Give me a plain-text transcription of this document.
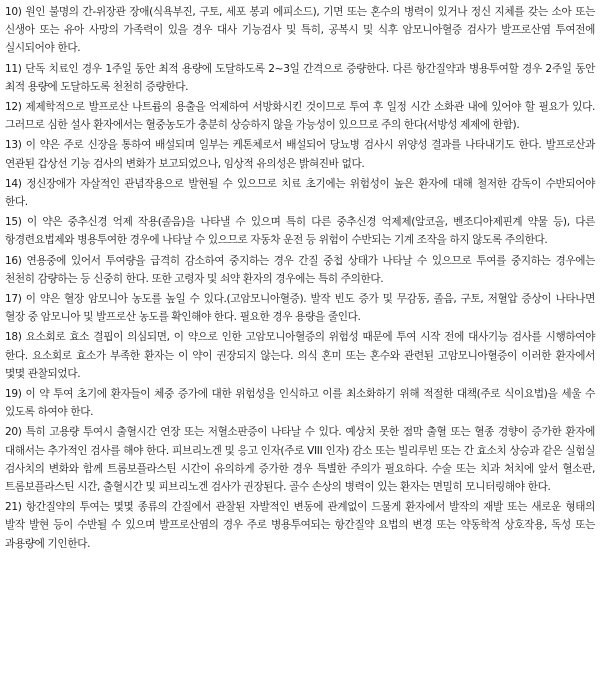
10) 원인 불명의 간-위장관 장애(식욕부진, 구토, 세포 봉괴 에피소드), 기면 또는 혼수의 병력이 있거나 정신 지체를 갖는 소아 또는 신생아 또는 유아 사망의 가족력이 있을 경우 대사 기능검사 및 특히, 공복시 및 식후 암모니아혈증 검사가 발프로산염 투여전에 실시되어야 한다.

11) 단독 치료인 경우 1주일 동안 최적 용량에 도달하도록 2~3일 간격으로 증량한다. 다른 항간질약과 병용투여할 경우 2주일 동안 최적 용량에 도달하도록 천천히 증량한다.

12) 제제학적으로 발프로산 나트륨의 용출을 억제하여 서방화시킨 것이므로 투여 후 일정 시간 소화관 내에 있어야 할 필요가 있다. 그러므로 심한 설사 환자에서는 혈중농도가 충분히 상승하지 않을 가능성이 있으므로 주의 한다(서방성 제제에 한함).

13) 이 약은 주로 신장을 통하여 배설되며 일부는 케톤체로서 배설되어 당뇨병 검사시 위양성 결과를 나타내기도 한다. 발프로산과 연관된 갑상선 기능 검사의 변화가 보고되었으나, 임상적 유의성은 밝혀진바 없다.

14) 정신장애가 자살적인 관념작용으로 발현될 수 있으므로 치료 초기에는 위험성이 높은 환자에 대해 철저한 감독이 수반되어야 한다.

15) 이 약은 중추신경 억제 작용(졸음)을 나타낼 수 있으며 특히 다른 중추신경 억제제(알코올, 벤조디아제핀계 약물 등), 다른 항경련요법제와 병용투여한 경우에 나타날 수 있으므로 자동차 운전 등 위험이 수반되는 기계 조작을 하지 않도록 주의한다.

16) 연용중에 있어서 투여량을 급격히 감소하여 중지하는 경우 간질 중첩 상태가 나타날 수 있으므로 투여를 중지하는 경우에는 천천히 감량하는 등 신중히 한다. 또한 고령자 및 쇠약 환자의 경우에는 특히 주의한다.

17) 이 약은 혈장 암모니아 농도를 높일 수 있다.(고암모니아혈증). 발작 빈도 증가 및 무감동, 졸음, 구토, 저혈압 증상이 나타나면 혈장 중 암모니아 및 발프로산 농도를 확인해야 한다. 필요한 경우 용량을 줄인다.

18) 요소회로 효소 결핍이 의심되면, 이 약으로 인한 고암모니아혈증의 위험성 때문에 투여 시작 전에 대사기능 검사를 시행하여야 한다. 요소회로 효소가 부족한 환자는 이 약이 권장되지 않는다. 의식 혼미 또는 혼수와 관련된 고암모니아혈증이 이러한 환자에서 몇몇 관찰되었다.

19) 이 약 투여 초기에 환자들이 체중 증가에 대한 위험성을 인식하고 이를 최소화하기 위해 적절한 대책(주로 식이요법)을 세울 수 있도록 하여야 한다.

20) 특히 고용량 투여시 출혈시간 연장 또는 저혈소판증이 나타날 수 있다. 예상치 못한 점막 출혈 또는 혈종 경향이 증가한 환자에 대해서는 추가적인 검사를 해야 한다. 피브리노겐 및 응고 인자(주로 VIII 인자) 감소 또는 빌리루빈 또는 간 효소치 상승과 같은 실험실 검사치의 변화와 함께 트롬보플라스틴 시간이 유의하게 증가한 경우 특별한 주의가 필요하다. 수술 또는 치과 처치에 앞서 혈소판, 트롬보플라스틴 시간, 출혈시간 및 피브리노겐 검사가 권장된다. 골수 손상의 병력이 있는 환자는 면밀히 모니터링해야 한다.

21) 항간질약의 투여는 몇몇 종류의 간질에서 관찰된 자발적인 변동에 관계없이 드물게 환자에서 발작의 재발 또는 새로운 형태의 발작 발현 등이 수반될 수 있으며 발프로산염의 경우 주로 병용투여되는 항간질약 요법의 변경 또는 약동학적 상호작용, 독성 또는 과용량에 기인한다.
